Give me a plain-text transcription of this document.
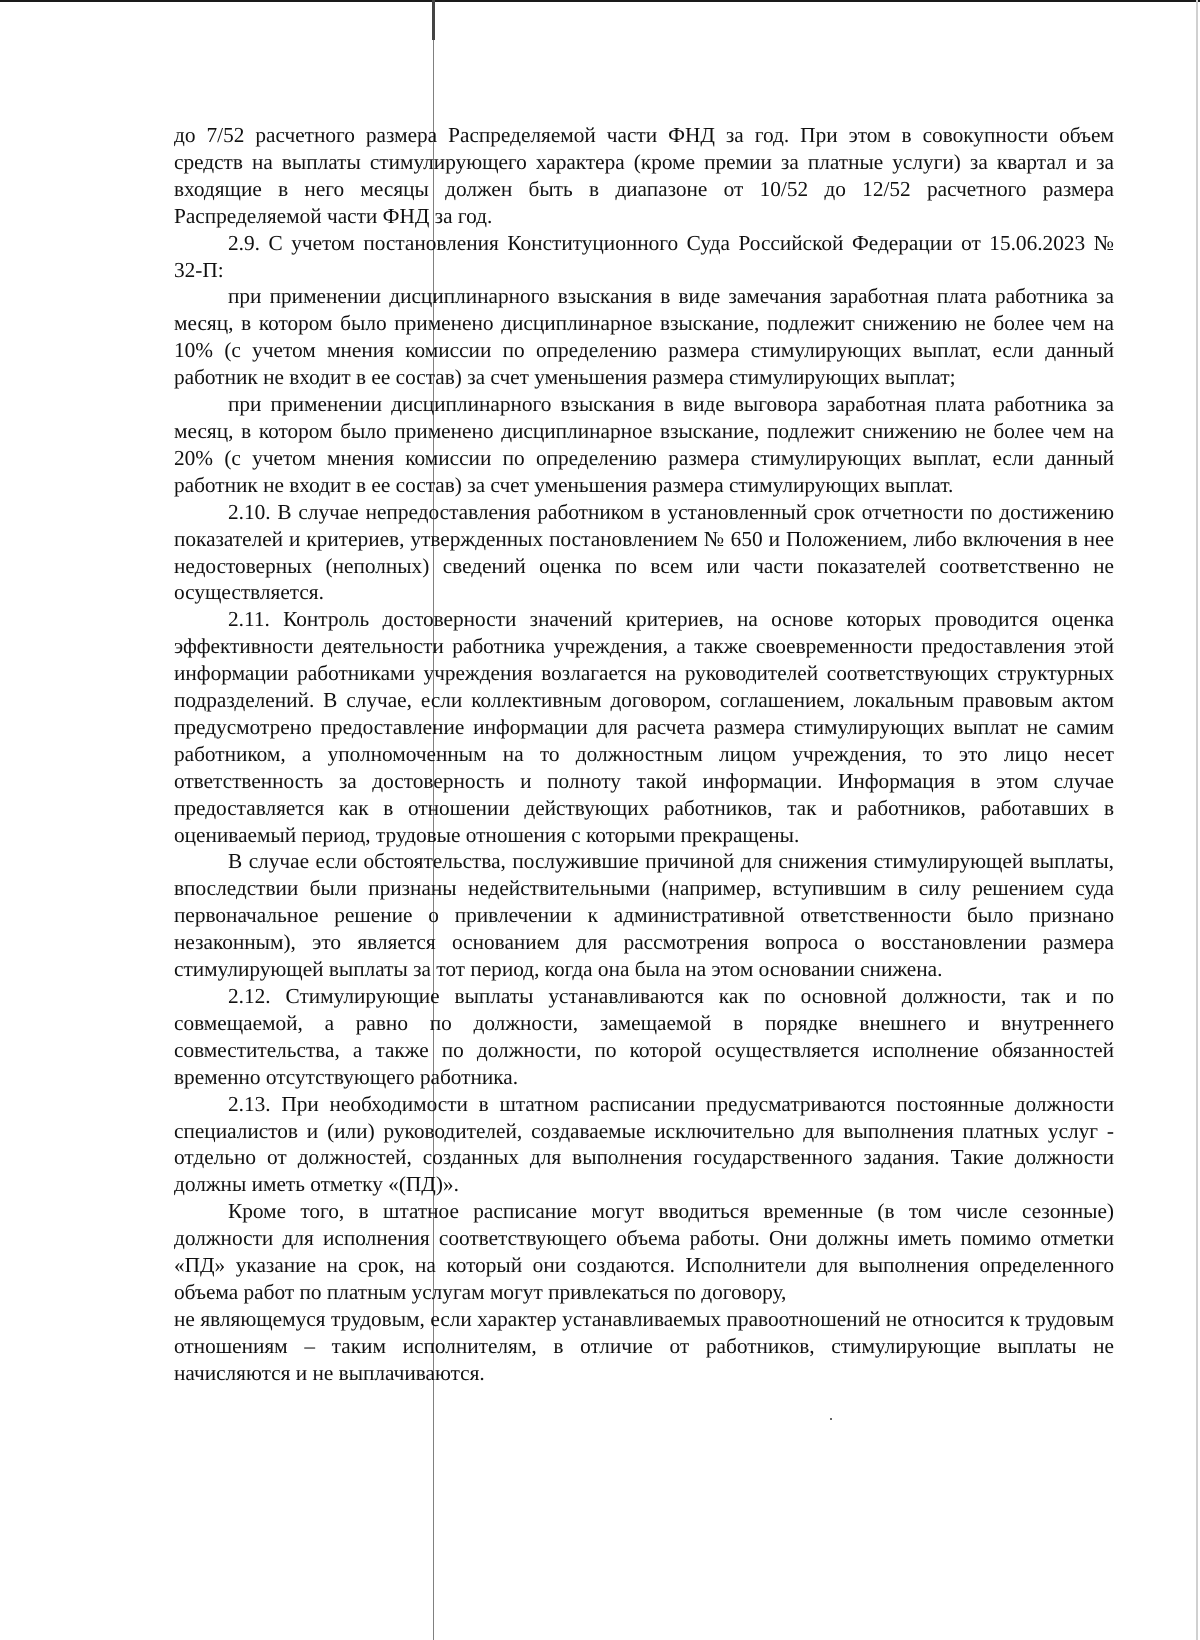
до 7/52 расчетного размера Распределяемой части ФНД за год. При этом в совокупности объем средств на выплаты стимулирующего характера (кроме премии за платные услуги) за квартал и за входящие в него месяцы должен быть в диапазоне от 10/52 до 12/52 расчетного размера Распределяемой части ФНД за год.

2.9. С учетом постановления Конституционного Суда Российской Федерации от 15.06.2023 № 32-П:

при применении дисциплинарного взыскания в виде замечания заработная плата работника за месяц, в котором было применено дисциплинарное взыскание, подлежит снижению не более чем на 10% (с учетом мнения комиссии по определению размера стимулирующих выплат, если данный работник не входит в ее состав) за счет уменьшения размера стимулирующих выплат;

при применении дисциплинарного взыскания в виде выговора заработная плата работника за месяц, в котором было применено дисциплинарное взыскание, подлежит снижению не более чем на 20% (с учетом мнения комиссии по определению размера стимулирующих выплат, если данный работник не входит в ее состав) за счет уменьшения размера стимулирующих выплат.

2.10. В случае непредоставления работником в установленный срок отчетности по достижению показателей и критериев, утвержденных постановлением № 650 и Положением, либо включения в нее недостоверных (неполных) сведений оценка по всем или части показателей соответственно не осуществляется.

2.11. Контроль достоверности значений критериев, на основе которых проводится оценка эффективности деятельности работника учреждения, а также своевременности предоставления этой информации работниками учреждения возлагается на руководителей соответствующих структурных подразделений. В случае, если коллективным договором, соглашением, локальным правовым актом предусмотрено предоставление информации для расчета размера стимулирующих выплат не самим работником, а уполномоченным на то должностным лицом учреждения, то это лицо несет ответственность за достоверность и полноту такой информации. Информация в этом случае предоставляется как в отношении действующих работников, так и работников, работавших в оцениваемый период, трудовые отношения с которыми прекращены.

В случае если обстоятельства, послужившие причиной для снижения стимулирующей выплаты, впоследствии были признаны недействительными (например, вступившим в силу решением суда первоначальное решение о привлечении к административной ответственности было признано незаконным), это является основанием для рассмотрения вопроса о восстановлении размера стимулирующей выплаты за тот период, когда она была на этом основании снижена.

2.12. Стимулирующие выплаты устанавливаются как по основной должности, так и по совмещаемой, а равно по должности, замещаемой в порядке внешнего и внутреннего совместительства, а также по должности, по которой осуществляется исполнение обязанностей временно отсутствующего работника.

2.13. При необходимости в штатном расписании предусматриваются постоянные должности специалистов и (или) руководителей, создаваемые исключительно для выполнения платных услуг - отдельно от должностей, созданных для выполнения государственного задания. Такие должности должны иметь отметку «(ПД)».

Кроме того, в штатное расписание могут вводиться временные (в том числе сезонные) должности для исполнения соответствующего объема работы. Они должны иметь помимо отметки «ПД» указание на срок, на который они создаются. Исполнители для выполнения определенного объема работ по платным услугам могут привлекаться по договору,

не являющемуся трудовым, если характер устанавливаемых правоотношений не относится к трудовым отношениям – таким исполнителям, в отличие от работников, стимулирующие выплаты не начисляются и не выплачиваются.
